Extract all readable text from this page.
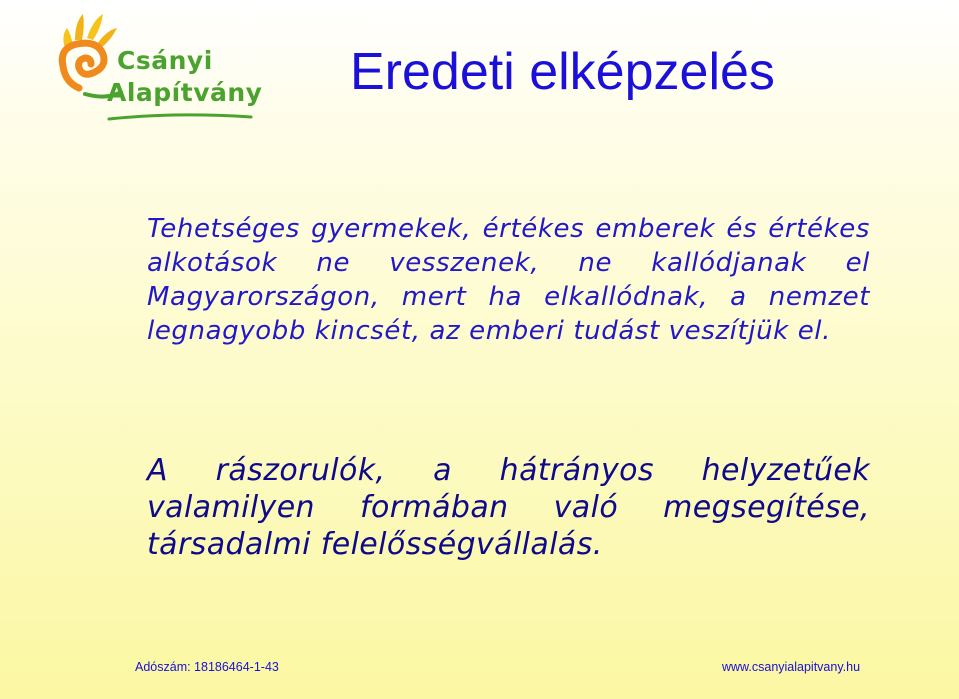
Csányi
Alapítvány Eredeti elképzelés

Tehetséges gyermekek, értékes emberek és értékes alkotások ne vesszenek, ne kallódjanak el Magyarországon, mert ha elkallódnak, a nemzet legnagyobb kincsét, az emberi tudást veszítjük el.

A rászorulók, a hátrányos helyzetűek valamilyen formában való megsegítése, társadalmi felelősségvállalás.

Adószám: 18186464-1-43	www.csanyialapitvany.hu
